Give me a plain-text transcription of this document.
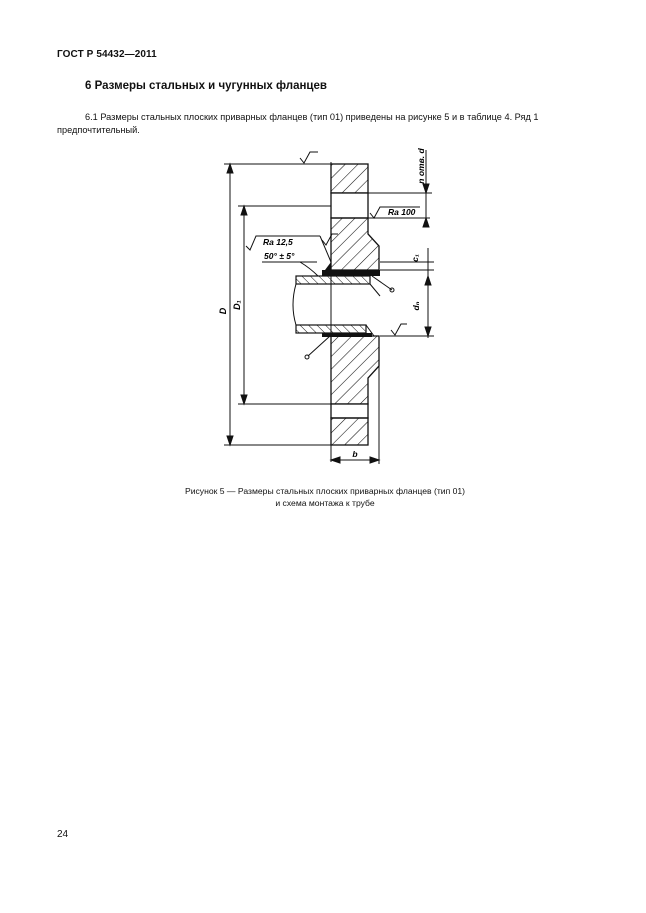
ГОСТ Р 54432—2011
6 Размеры стальных и чугунных фланцев
6.1 Размеры стальных плоских приварных фланцев (тип 01) приведены на рисунке 5 и в таблице 4. Ряд 1 предпочтительный.
D
D₁
Ra 12,5
50° ± 5°
Ra 100
n отв. d
c₁
dₙ
b
Рисунок 5 — Размеры стальных плоских приварных фланцев (тип 01)
и схема монтажа к трубе
24
